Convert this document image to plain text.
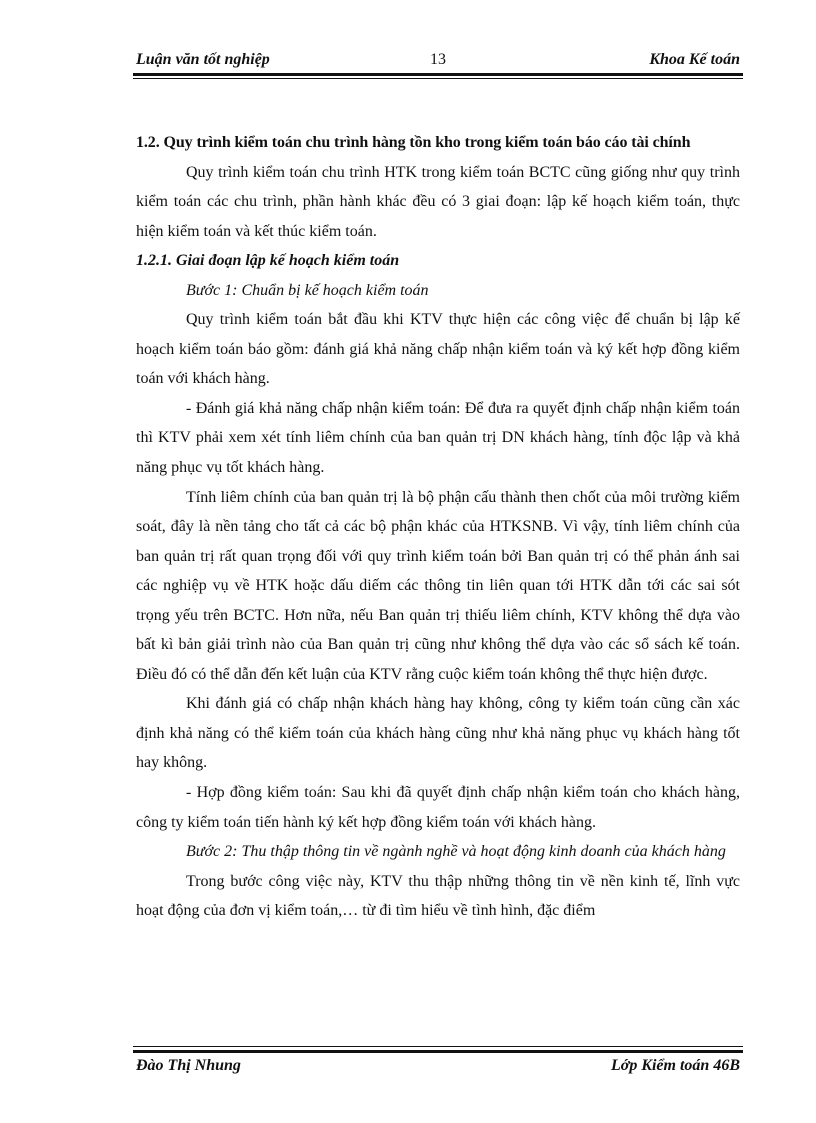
Luận văn tốt nghiệp	13	Khoa Kế toán

1.2. Quy trình kiểm toán chu trình hàng tồn kho trong kiểm toán báo cáo tài chính

Quy trình kiểm toán chu trình HTK trong kiểm toán BCTC cũng giống như quy trình kiểm toán các chu trình, phần hành khác đều có 3 giai đoạn: lập kế hoạch kiểm toán, thực hiện kiểm toán và kết thúc kiểm toán.

1.2.1. Giai đoạn lập kế hoạch kiểm toán

Bước 1: Chuẩn bị kế hoạch kiểm toán

Quy trình kiểm toán bắt đầu khi KTV thực hiện các công việc để chuẩn bị lập kế hoạch kiểm toán báo gồm: đánh giá khả năng chấp nhận kiểm toán và ký kết hợp đồng kiểm toán với khách hàng.

- Đánh giá khả năng chấp nhận kiểm toán: Để đưa ra quyết định chấp nhận kiểm toán thì KTV phải xem xét tính liêm chính của ban quản trị DN khách hàng, tính độc lập và khả năng phục vụ tốt khách hàng.

Tính liêm chính của ban quản trị là bộ phận cấu thành then chốt của môi trường kiểm soát, đây là nền tảng cho tất cả các bộ phận khác của HTKSNB. Vì vậy, tính liêm chính của ban quản trị rất quan trọng đối với quy trình kiểm toán bởi Ban quản trị có thể phản ánh sai các nghiệp vụ về HTK hoặc dấu diếm các thông tin liên quan tới HTK dẫn tới các sai sót trọng yếu trên BCTC. Hơn nữa, nếu Ban quản trị thiếu liêm chính, KTV không thể dựa vào bất kì bản giải trình nào của Ban quản trị cũng như không thể dựa vào các sổ sách kế toán. Điều đó có thể dẫn đến kết luận của KTV rằng cuộc kiểm toán không thể thực hiện được.

Khi đánh giá có chấp nhận khách hàng hay không, công ty kiểm toán cũng cần xác định khả năng có thể kiểm toán của khách hàng cũng như khả năng phục vụ khách hàng tốt hay không.

- Hợp đồng kiểm toán: Sau khi đã quyết định chấp nhận kiểm toán cho khách hàng, công ty kiểm toán tiến hành ký kết hợp đồng kiểm toán với khách hàng.

Bước 2: Thu thập thông tin về ngành nghề và hoạt động kinh doanh của khách hàng

Trong bước công việc này, KTV thu thập những thông tin về nền kinh tế, lĩnh vực hoạt động của đơn vị kiểm toán,… từ đi tìm hiểu về tình hình, đặc điểm

Đào Thị Nhung	Lớp Kiểm toán 46B
